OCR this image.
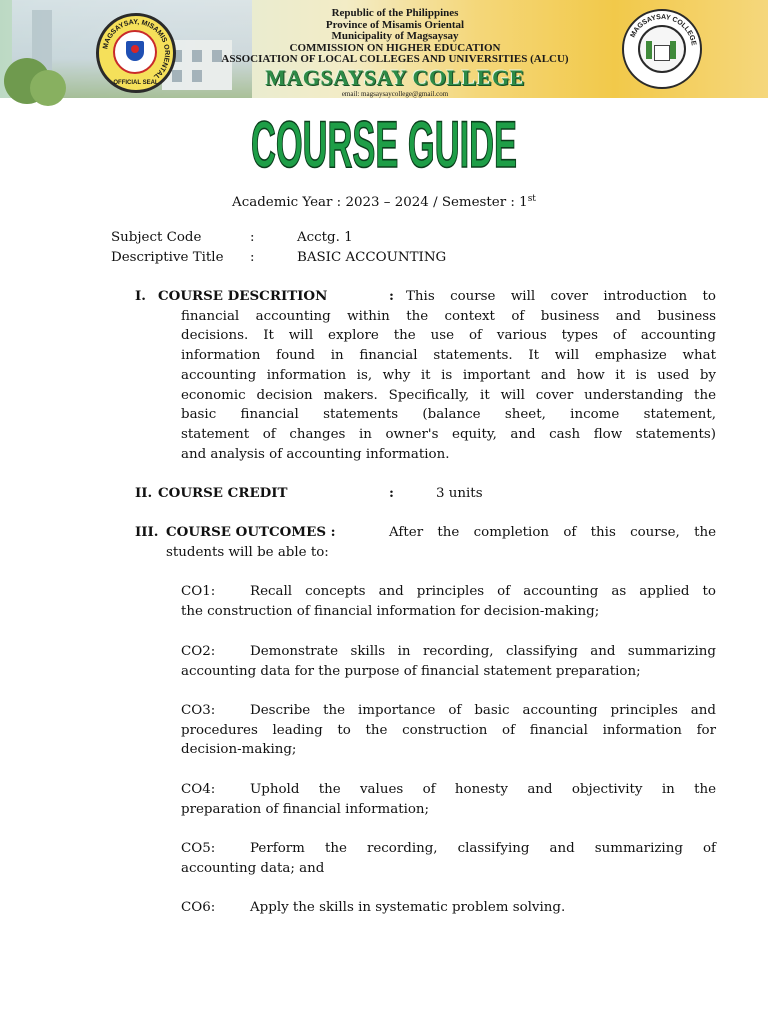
MAGSAYSAY, MISAMIS ORIENTAL
OFFICIAL SEAL
Republic of the Philippines
Province of Misamis Oriental
Municipality of Magsaysay
COMMISSION ON HIGHER EDUCATION
ASSOCIATION OF LOCAL COLLEGES AND UNIVERSITIES (ALCU)
MAGSAYSAY COLLEGE
email: magsaysaycollege@gmail.com
MAGSAYSAY COLLEGE
COURSE GUIDE
Academic Year : 2023 – 2024 / Semester : 1st
Subject Code	:	Acctg. 1
Descriptive Title :	BASIC ACCOUNTING
I. COURSE DESCRITION	: This course will cover introduction to
financial accounting within the context of business and business
decisions. It will explore the use of various types of accounting
information found in financial statements. It will emphasize what
accounting information is, why it is important and how it is used by
economic decision makers. Specifically, it will cover understanding the
basic financial statements (balance sheet, income statement,
statement of changes in owner's equity, and cash flow statements)
and analysis of accounting information.
II. COURSE CREDIT	:	3 units
III. COURSE OUTCOMES :	After the completion of this course, the
students will be able to:
CO1:	Recall concepts and principles of accounting as applied to
the construction of financial information for decision-making;
CO2:	Demonstrate skills in recording, classifying and summarizing
accounting data for the purpose of financial statement preparation;
CO3:	Describe the importance of basic accounting principles and
procedures leading to the construction of financial information for
decision-making;
CO4:	Uphold the values of honesty and objectivity in the
preparation of financial information;
CO5:	Perform the recording, classifying and summarizing of
accounting data; and
CO6:	Apply the skills in systematic problem solving.
